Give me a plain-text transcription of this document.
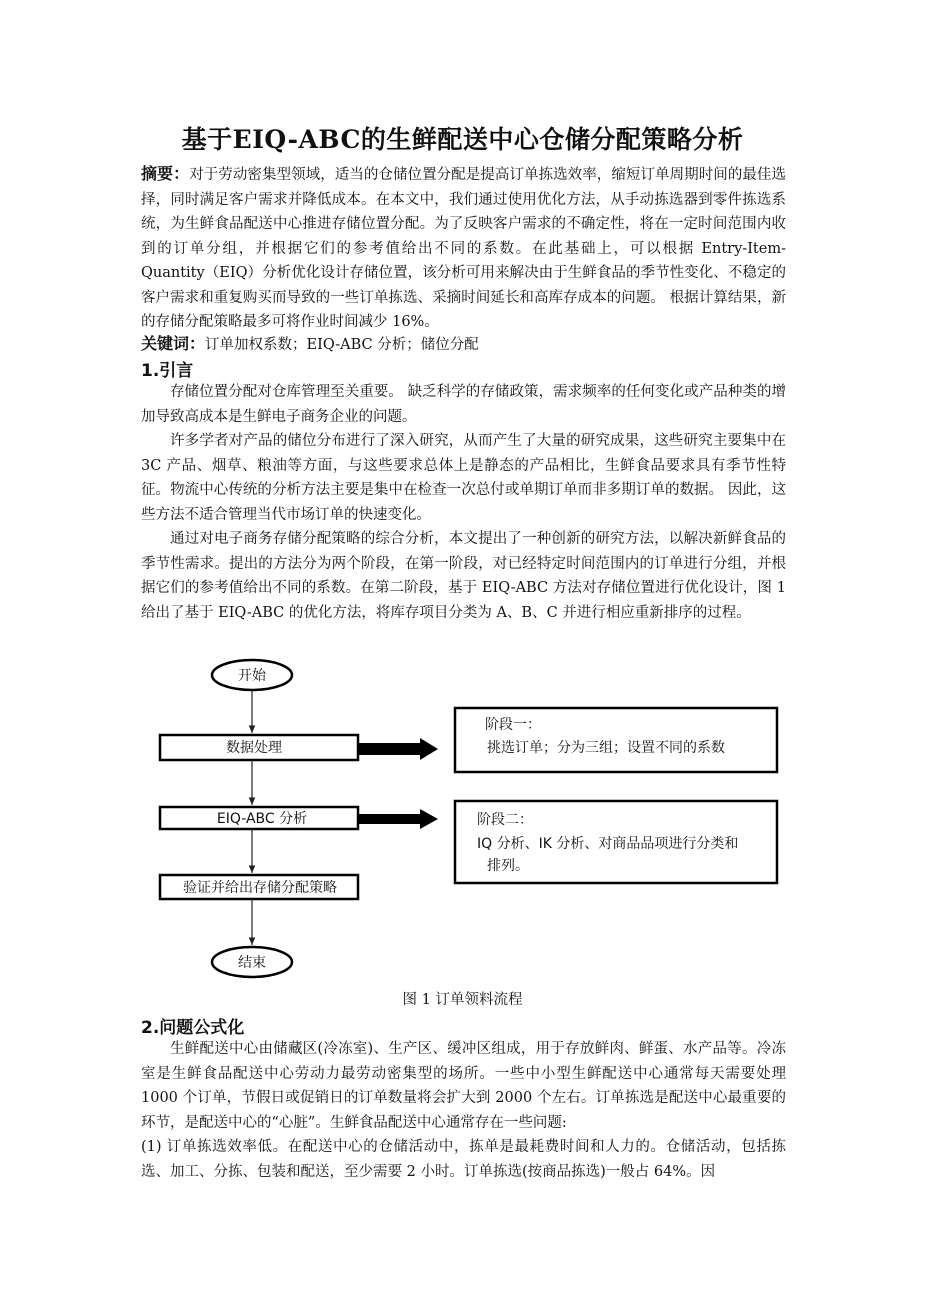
基于EIQ-ABC的生鲜配送中心仓储分配策略分析

摘要：对于劳动密集型领域，适当的仓储位置分配是提高订单拣选效率，缩短订单周期时间的最佳选择，同时满足客户需求并降低成本。在本文中，我们通过使用优化方法，从手动拣选器到零件拣选系统，为生鲜食品配送中心推进存储位置分配。为了反映客户需求的不确定性，将在一定时间范围内收到的订单分组，并根据它们的参考值给出不同的系数。在此基础上，可以根据 Entry-Item-Quantity（EIQ）分析优化设计存储位置，该分析可用来解决由于生鲜食品的季节性变化、不稳定的客户需求和重复购买而导致的一些订单拣选、采摘时间延长和高库存成本的问题。 根据计算结果，新的存储分配策略最多可将作业时间减少 16%。

关键词：订单加权系数；EIQ-ABC 分析；储位分配

1.引言

存储位置分配对仓库管理至关重要。 缺乏科学的存储政策，需求频率的任何变化或产品种类的增加导致高成本是生鲜电子商务企业的问题。

许多学者对产品的储位分布进行了深入研究，从而产生了大量的研究成果，这些研究主要集中在 3C 产品、烟草、粮油等方面，与这些要求总体上是静态的产品相比，生鲜食品要求具有季节性特征。物流中心传统的分析方法主要是集中在检查一次总付或单期订单而非多期订单的数据。 因此，这些方法不适合管理当代市场订单的快速变化。

通过对电子商务存储分配策略的综合分析，本文提出了一种创新的研究方法，以解决新鲜食品的季节性需求。提出的方法分为两个阶段，在第一阶段，对已经特定时间范围内的订单进行分组，并根据它们的参考值给出不同的系数。在第二阶段，基于 EIQ-ABC 方法对存储位置进行优化设计，图 1 给出了基于 EIQ-ABC 的优化方法，将库存项目分类为 A、B、C 并进行相应重新排序的过程。

开始
数据处理
EIQ-ABC 分析
验证并给出存储分配策略
结束
阶段一：
挑选订单；分为三组；设置不同的系数
阶段二：
IQ 分析、IK 分析、对商品品项进行分类和
排列。
图 1 订单领料流程
2.问题公式化

生鲜配送中心由储藏区(冷冻室)、生产区、缓冲区组成，用于存放鲜肉、鲜蛋、水产品等。冷冻室是生鲜食品配送中心劳动力最劳动密集型的场所。一些中小型生鲜配送中心通常每天需要处理 1000 个订单，节假日或促销日的订单数量将会扩大到 2000 个左右。订单拣选是配送中心最重要的环节，是配送中心的“心脏”。生鲜食品配送中心通常存在一些问题:

(1) 订单拣选效率低。在配送中心的仓储活动中，拣单是最耗费时间和人力的。仓储活动，包括拣选、加工、分拣、包装和配送，至少需要 2 小时。订单拣选(按商品拣选)一般占 64%。因
